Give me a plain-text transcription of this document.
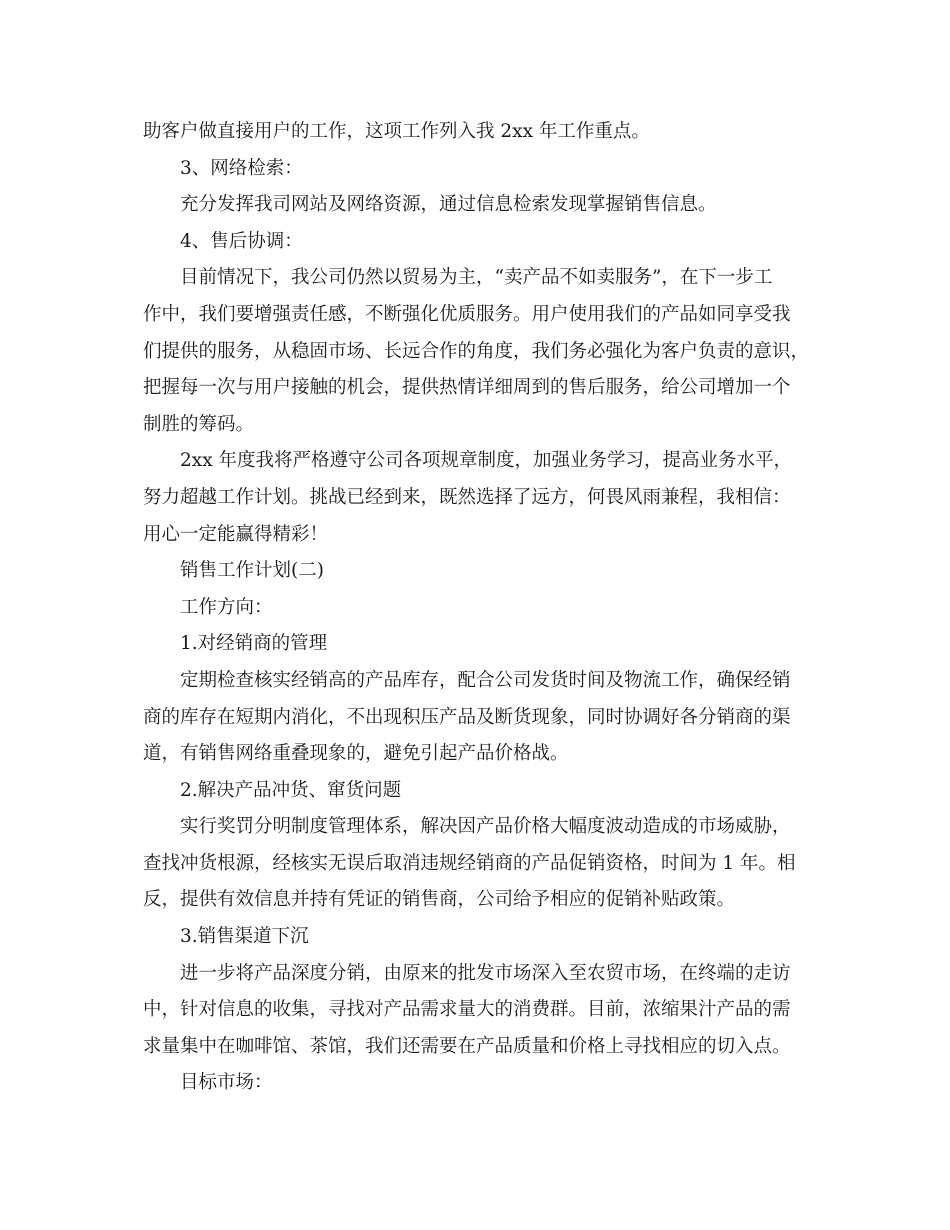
助客户做直接用户的工作，这项工作列入我 2xx 年工作重点。
3、网络检索：
充分发挥我司网站及网络资源，通过信息检索发现掌握销售信息。
4、售后协调：
目前情况下，我公司仍然以贸易为主，“卖产品不如卖服务”，在下一步工
作中，我们要增强责任感，不断强化优质服务。用户使用我们的产品如同享受我
们提供的服务，从稳固市场、长远合作的角度，我们务必强化为客户负责的意识，
把握每一次与用户接触的机会，提供热情详细周到的售后服务，给公司增加一个
制胜的筹码。
2xx 年度我将严格遵守公司各项规章制度，加强业务学习，提高业务水平，
努力超越工作计划。挑战已经到来，既然选择了远方，何畏风雨兼程，我相信：
用心一定能赢得精彩！
销售工作计划(二)
工作方向：
1.对经销商的管理
定期检查核实经销高的产品库存，配合公司发货时间及物流工作，确保经销
商的库存在短期内消化，不出现积压产品及断货现象，同时协调好各分销商的渠
道，有销售网络重叠现象的，避免引起产品价格战。
2.解决产品冲货、窜货问题
实行奖罚分明制度管理体系，解决因产品价格大幅度波动造成的市场威胁，
查找冲货根源，经核实无误后取消违规经销商的产品促销资格，时间为 1 年。相
反，提供有效信息并持有凭证的销售商，公司给予相应的促销补贴政策。
3.销售渠道下沉
进一步将产品深度分销，由原来的批发市场深入至农贸市场，在终端的走访
中，针对信息的收集，寻找对产品需求量大的消费群。目前，浓缩果汁产品的需
求量集中在咖啡馆、茶馆，我们还需要在产品质量和价格上寻找相应的切入点。
目标市场：
